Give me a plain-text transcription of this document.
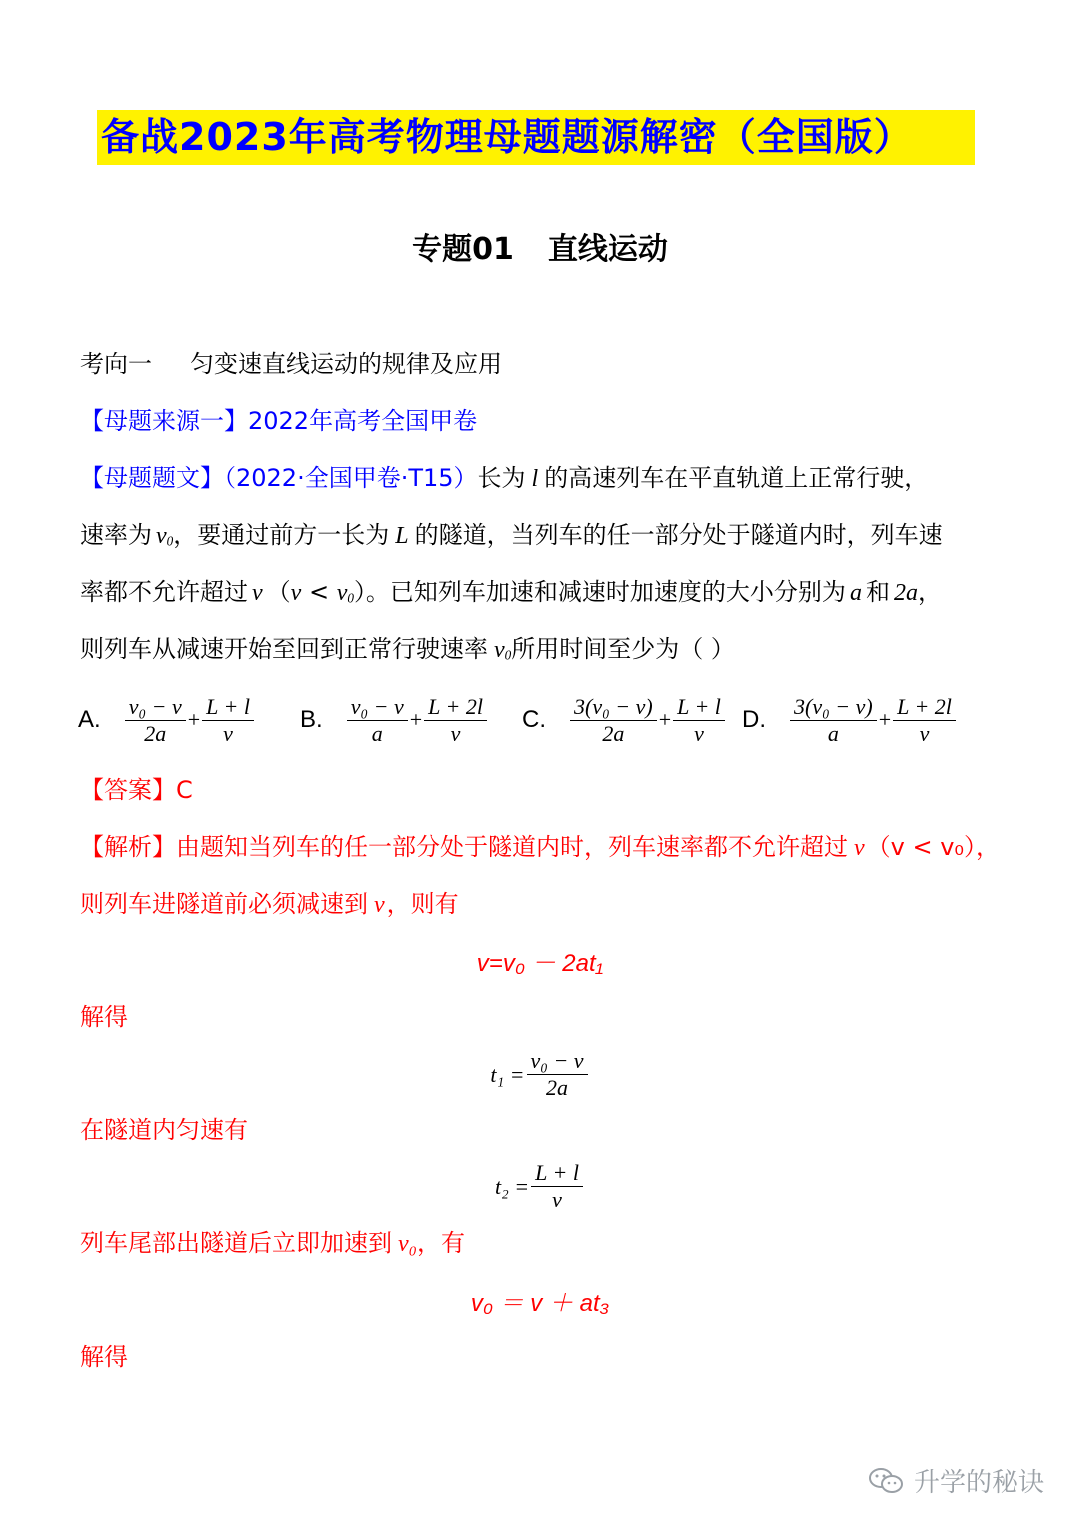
备战2023年高考物理母题题源解密（全国版）
专题01 直线运动
考向一 匀变速直线运动的规律及应用
【母题来源一】2022年高考全国甲卷
【母题题文】（2022·全国甲卷·T15）长为 l 的高速列车在平直轨道上正常行驶，
速率为 $v_0$，要通过前方一长为 L 的隧道，当列车的任一部分处于隧道内时，列车速
率都不允许超过 v $(v < v_0)$。已知列车加速和减速时加速度的大小分别为 a 和 2a，
则列车从减速开始至回到正常行驶速率 $v_0$所用时间至少为（ ）
A. $\frac{\text{v₀ − v}}{2a} + \frac{L + l}{v} B$. $\frac{\text{v₀ − v}}{a} + \frac{L + 2l}{v} C$. $\frac{\text{3(v₀ − v)}}{2a} + \frac{L + l}{v} D$. $\frac{\text{3(v₀ − v)}}{a} + \frac{L + 2l}{v}$
【答案】C
【解析】由题知当列车的任一部分处于隧道内时，列车速率都不允许超过 v（v < v₀），
则列车进隧道前必须减速到 v，则有
v=v₀ － 2at₁
解得
$t_1 = \frac{\text{v₀ − v}}{2a}$
在隧道内匀速有
$t_2 = \frac{L + l}{v}$
列车尾部出隧道后立即加速到 v₀，有
v₀ ＝ v ＋ at₃
解得
升学的秘诀
